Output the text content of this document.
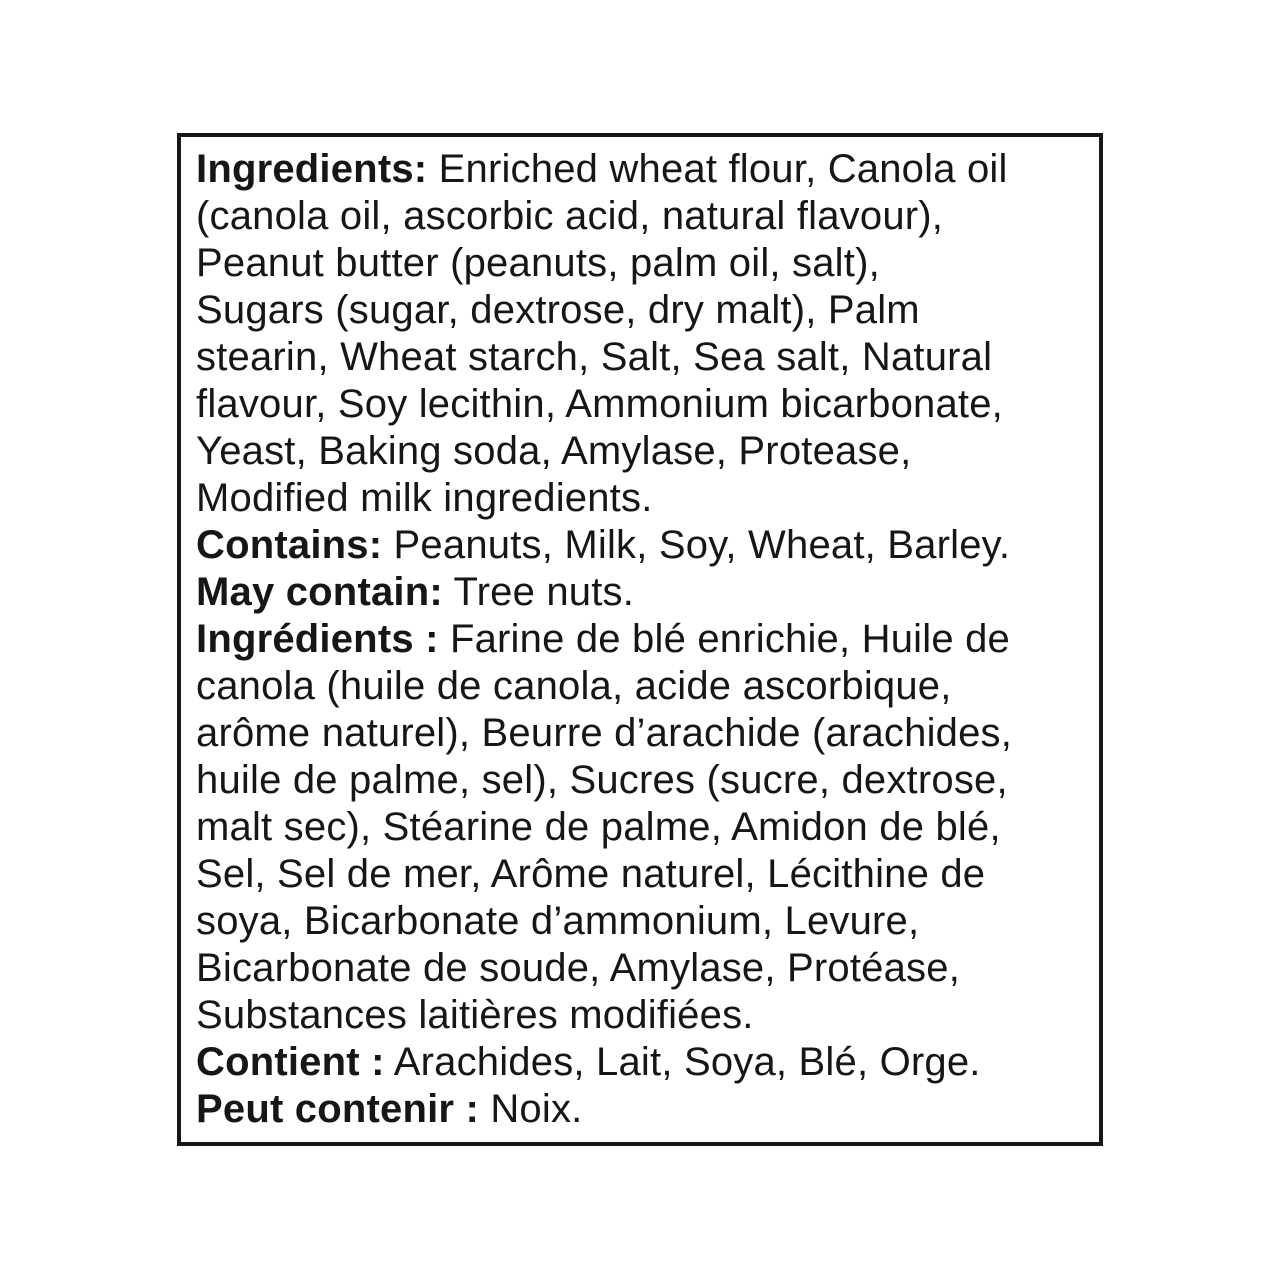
Ingredients: Enriched wheat flour, Canola oil
(canola oil, ascorbic acid, natural flavour),
Peanut butter (peanuts, palm oil, salt),
Sugars (sugar, dextrose, dry malt), Palm
stearin, Wheat starch, Salt, Sea salt, Natural
flavour, Soy lecithin, Ammonium bicarbonate,
Yeast, Baking soda, Amylase, Protease,
Modified milk ingredients.
Contains: Peanuts, Milk, Soy, Wheat, Barley.
May contain: Tree nuts.
Ingrédients : Farine de blé enrichie, Huile de
canola (huile de canola, acide ascorbique,
arôme naturel), Beurre d’arachide (arachides,
huile de palme, sel), Sucres (sucre, dextrose,
malt sec), Stéarine de palme, Amidon de blé,
Sel, Sel de mer, Arôme naturel, Lécithine de
soya, Bicarbonate d’ammonium, Levure,
Bicarbonate de soude, Amylase, Protéase,
Substances laitières modifiées.
Contient : Arachides, Lait, Soya, Blé, Orge.
Peut contenir : Noix.
